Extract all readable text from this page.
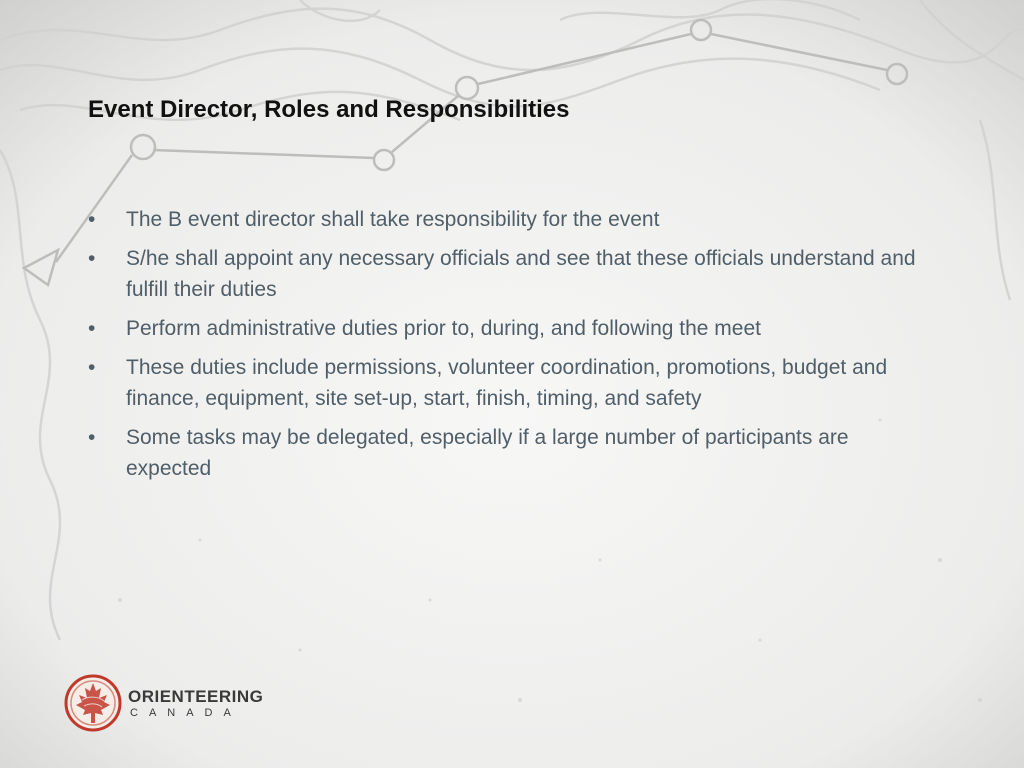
Event Director, Roles and Responsibilities
• The B event director shall take responsibility for the event
• S/he shall appoint any necessary officials and see that these officials understand and fulfill their duties
• Perform administrative duties prior to, during, and following the meet
• These duties include permissions, volunteer coordination, promotions, budget and finance, equipment, site set-up, start, finish, timing, and safety
• Some tasks may be delegated, especially if a large number of participants are expected
ORIENTEERING
CANADA
